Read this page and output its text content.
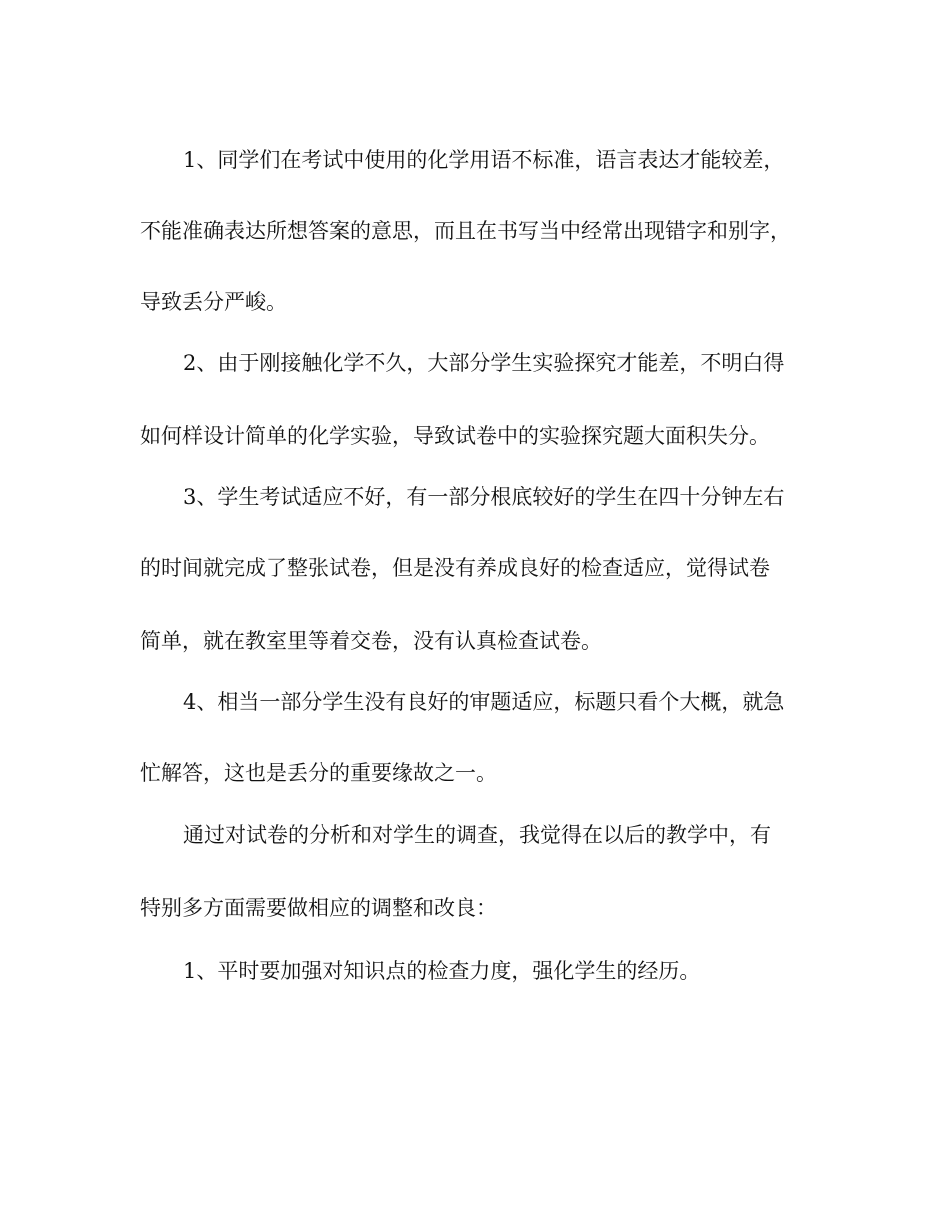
1、同学们在考试中使用的化学用语不标准，语言表达才能较差，
不能准确表达所想答案的意思，而且在书写当中经常出现错字和别字，
导致丢分严峻。
2、由于刚接触化学不久，大部分学生实验探究才能差，不明白得
如何样设计简单的化学实验，导致试卷中的实验探究题大面积失分。
3、学生考试适应不好，有一部分根底较好的学生在四十分钟左右
的时间就完成了整张试卷，但是没有养成良好的检查适应，觉得试卷
简单，就在教室里等着交卷，没有认真检查试卷。
4、相当一部分学生没有良好的审题适应，标题只看个大概，就急
忙解答，这也是丢分的重要缘故之一。
通过对试卷的分析和对学生的调查，我觉得在以后的教学中，有
特别多方面需要做相应的调整和改良：
1、平时要加强对知识点的检查力度，强化学生的经历。
